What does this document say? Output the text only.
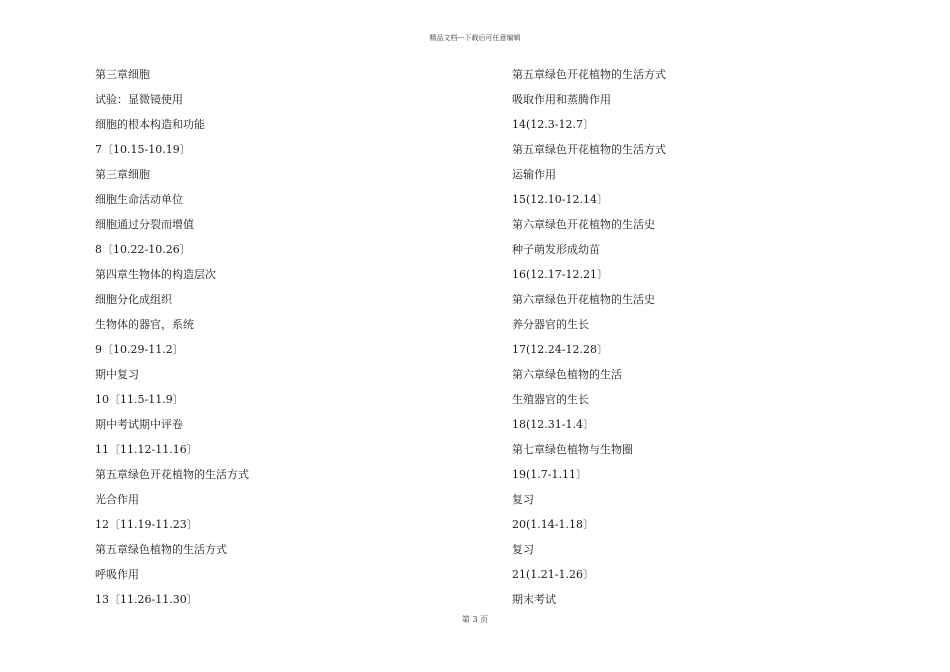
精品文档---下载后可任意编辑
第三章细胞
试验：显微镜使用
细胞的根本构造和功能
7〔10.15-10.19〕
第三章细胞
细胞生命活动单位
细胞通过分裂而增值
8〔10.22-10.26〕
第四章生物体的构造层次
细胞分化成组织
生物体的器官，系统
9〔10.29-11.2〕
期中复习
10〔11.5-11.9〕
期中考试期中评卷
11〔11.12-11.16〕
第五章绿色开花植物的生活方式
光合作用
12〔11.19-11.23〕
第五章绿色植物的生活方式
呼吸作用
13〔11.26-11.30〕
第五章绿色开花植物的生活方式
吸取作用和蒸腾作用
14(12.3-12.7〕
第五章绿色开花植物的生活方式
运输作用
15(12.10-12.14〕
第六章绿色开花植物的生活史
种子萌发形成幼苗
16(12.17-12.21〕
第六章绿色开花植物的生活史
养分器官的生长
17(12.24-12.28〕
第六章绿色植物的生活
生殖器官的生长
18(12.31-1.4〕
第七章绿色植物与生物圈
19(1.7-1.11〕
复习
20(1.14-1.18〕
复习
21(1.21-1.26〕
期末考试
第 3 页
